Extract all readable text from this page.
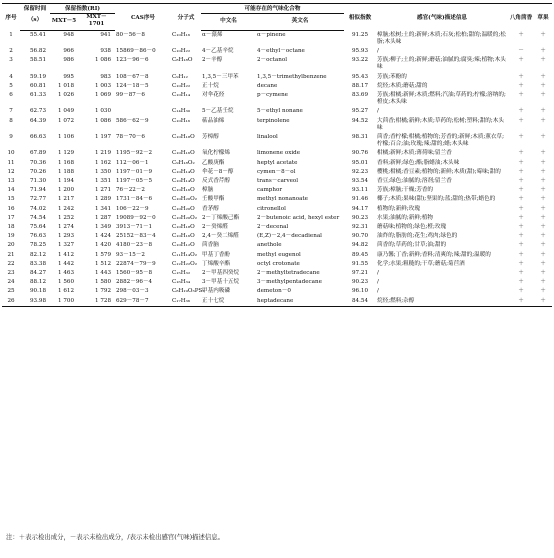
序号	保留时间	保留指数(RI)		CAS序号	分子式	可能存在的气味化合物		相似指数	感官(气味)描述信息	八角茴香	草果
	（s）	MXT－5	MXT－1701			中文名	英文名				
1	55.41	948	941	80－56－8	C₁₀H₁₆	α－蒎烯	α－pinene	91.25	樟脑;松树;土的;新鲜;木质;石灰;松柏;甜的;温暖的;松脂;木头味	＋	＋
2	56.82	966	938	15869－86－0	C₁₀H₂₂	4－乙基辛烷	4－ethyl－octane	95.93	/	－	＋
3	58.51	986	1 086	123－96－6	C₈H₁₈O	2－辛醇	2－octanol	93.22	芳族;柳子;土的;新鲜;蘑菇;油腻的;腐臭;辣;植物;木头味	＋	＋
4	59.19	995	983	108－67－8	C₉H₁₂	1,3,5－三甲苯	1,3,5－trimethylbenzene	95.43	芳族;苯酚的	＋	＋
5	60.81	1 018	1 003	124－18－5	C₁₀H₂₂	正十烷	decane	88.17	烷烃;木质;蘑菇;甜的	＋	＋
6	61.33	1 026	1 069	99－87－6	C₁₀H₁₄	对伞花烃	p－cymene	83.69	芳族;柑橘;新鲜;木质;燃料;汽油;草药的;柠檬;溶纳的;橙皮;木头味	＋	＋
7	62.73	1 049	1 030		C₁₄H₃₀	5－乙基壬烷	5－ethyl nonane	95.27	/	＋	＋
8	64.39	1 072	1 086	586－62－9	C₁₀H₁₆	萜品油烯	terpinolene	94.52	大茴香;柑橘;新鲜;木质;草药的;松树;塑料;甜的;木头味	＋	＋
9	66.63	1 106	1 197	78－70－6	C₁₀H₁₈O	芳樟醇	linalool	98.31	茴香;香柠檬;柑橘;植物的;芳香的;新鲜;木质;薰衣草;柠檬;百合;油;玫瑰;辣;甜的;蜡;木头味	＋	＋
10	67.89	1 129	1 219	1195－92－2	C₁₀H₁₆O	氧化柠檬烯	limonene oxide	90.76	柑橘;新鲜;木质;薄荷味;留兰香	＋	＋
11	70.36	1 168	1 162	112－06－1	C₉H₁₈O₂	乙酸庚酯	heptyl acetate	95.01	香料;新鲜;绿色;酯;脂蜡油;木头味	＋	＋
12	70.26	1 188	1 350	1197－01－9	C₁₀H₁₄O	伞花－8－醇	cymen－8－ol	92.23	樱桃;柑橘;香豆素;植物的;新鲜;木质(甜);霉味;甜的	＋	＋
13	71.30	1 194	1 351	1197－05－5	C₁₀H₁₄O	反式香芹醇	trans－carveol	93.54	香豆;绿色;油腻的;溶剂;留兰香	＋	＋
14	71.94	1 200	1 271	76－22－2	C₁₀H₁₆O	樟脑	camphor	93.11	芳族;樟脑;干燥;芳香的	＋	＋
15	72.77	1 217	1 289	1731－84－6	C₁₀H₂₀O₂	壬酸甲酯	methyl nonanoate	91.46	椰子;木质;果味(甜);坚果的;蓝;甜的;热带;蜡色的	＋	＋
16	74.02	1 242	1 341	106－22－9	C₁₀H₂₀O	香茅醇	citronellol	94.17	植物的;新鲜;玫瑰	＋	＋
17	74.54	1 252	1 287	19089－92－0	C₁₀H₂₀O₂	2－丁烯酸己酯	2－butenoic acid, hexyl ester	90.23	水果;油腻的;新鲜;植物	＋	＋
18	75.64	1 274	1 349	3913－71－1	C₁₀H₁₈O	2－癸烯醛	2－decenal	92.31	蘑菇味;植物的;绿色;橙;玫瑰	＋	＋
19	76.63	1 293	1 424	25152－83－4	C₁₀H₁₆O	2,4－癸二烯醛	(E,Z)－2,4－decadienal	90.70	油炸的;脂肪的;花生;鸡肉;绿色的	＋	＋
20	78.25	1 327	1 420	4180－23－8	C₁₀H₁₂O	茴香脑	anethole	94.82	茴香的;草药的;甘草;油;甜的	＋	＋
21	82.12	1 412	1 579	93－15－2	C₁₁H₁₄O₂	甲基丁香酚	methyl eugenol	89.45	康乃馨;丁香;新鲜;香料;清爽的;辣;甜的;温暖的	＋	＋
22	83.38	1 442	1 512	22874－79－9	C₁₂H₂₂O₂	丁烯酸辛酯	octyl crotonate	91.55	化学;水果;粗糙的;干草;蘑菇;菊苣酒	＋	＋
23	84.27	1 463	1 443	1560－95－8	C₁₅H₃₂	2－甲基四癸烷	2－methyltetradecane	97.21	/	＋	＋
24	88.12	1 560	1 580	2882－96－4	C₁₆H₃₄	3－甲基十五烷	3－methylpentadecane	90.23	/	＋	＋
25	90.18	1 612	1 792	298－03－3	C₈H₁₉O₃PS₂	甲基内吸磷	demeton－0	96.10	/	＋	＋
26	93.98	1 700	1 728	629－78－7	C₁₇H₃₆	正十七烷	heptadecane	84.54	烷烃;燃料;杂醇	＋	＋
注：＋表示检出成分，－表示未检出成分，/表示未检出感官(气味)描述信息。
